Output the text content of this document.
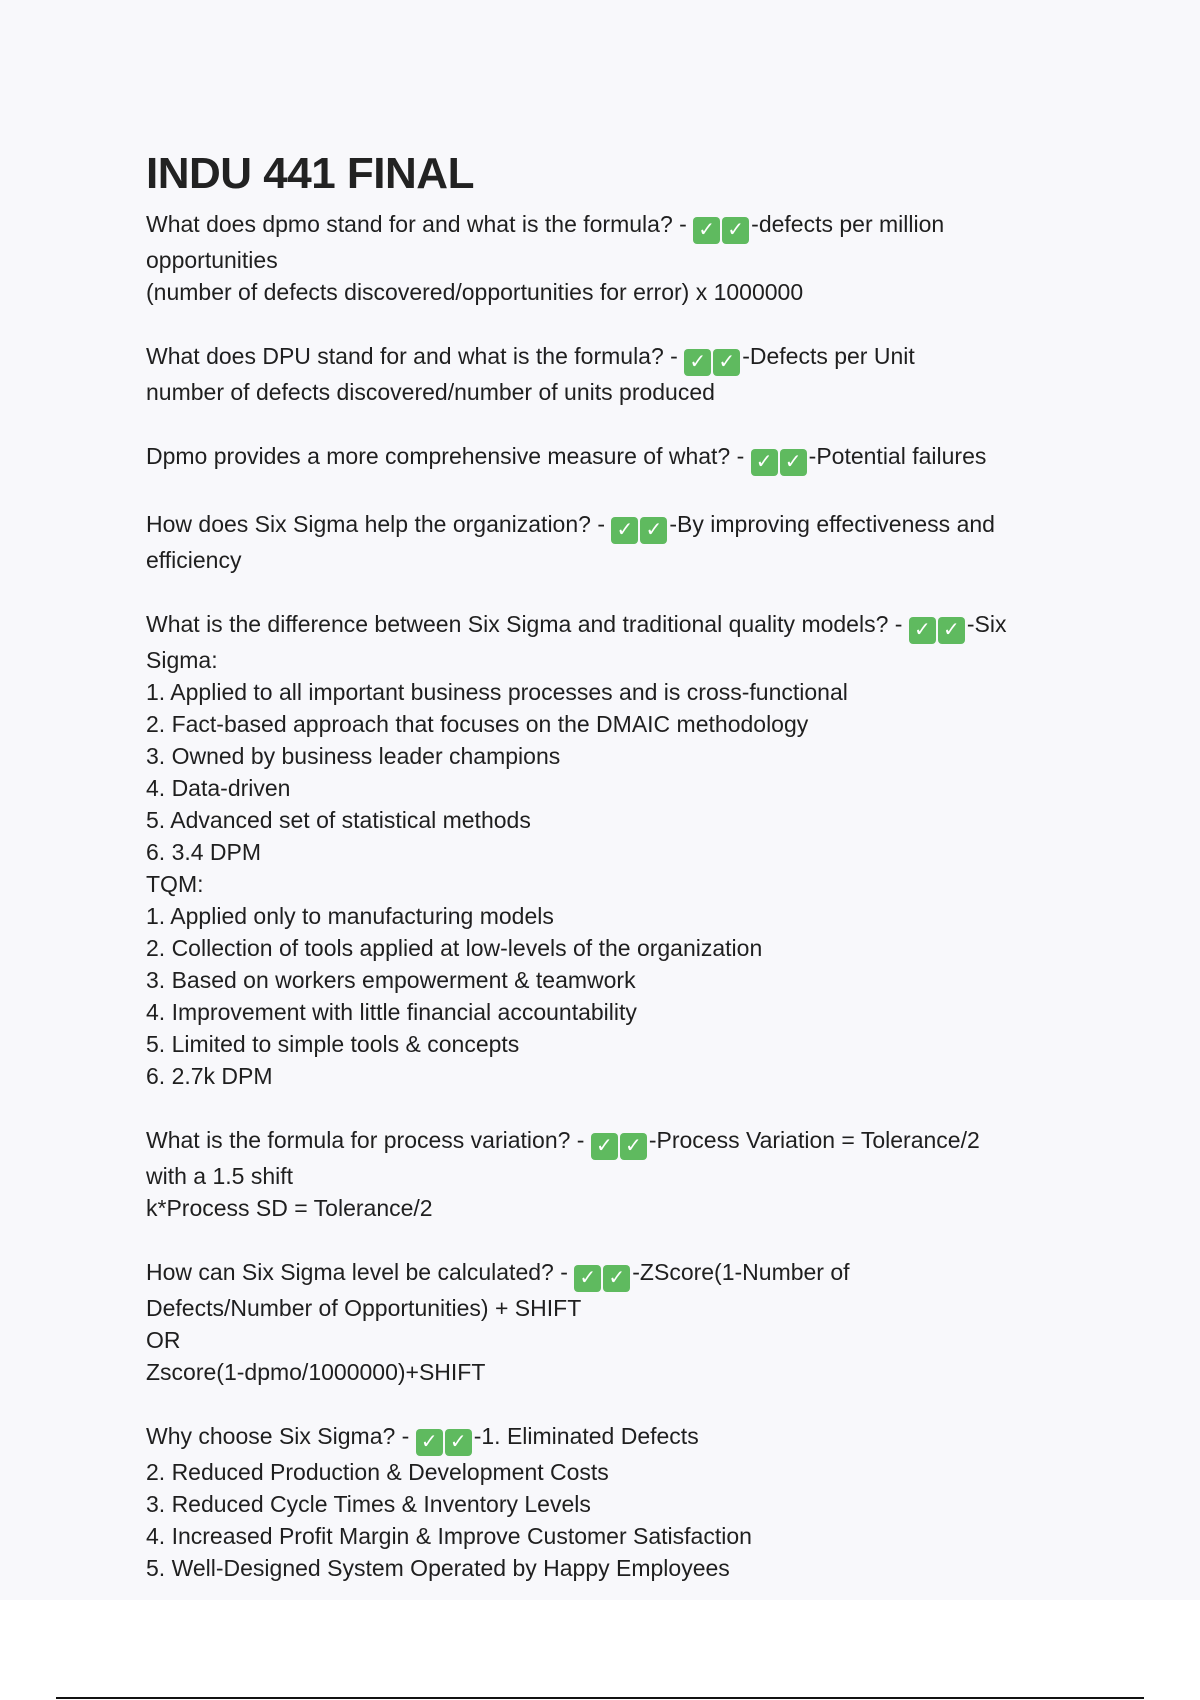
INDU 441 FINAL
What does dpmo stand for and what is the formula? - ✓ ✓ -defects per million
opportunities
(number of defects discovered/opportunities for error) x 1000000
What does DPU stand for and what is the formula? - ✓ ✓ -Defects per Unit
number of defects discovered/number of units produced
Dpmo provides a more comprehensive measure of what? - ✓ ✓ -Potential failures
How does Six Sigma help the organization? - ✓ ✓ -By improving effectiveness and
efficiency
What is the difference between Six Sigma and traditional quality models? - ✓ ✓ -Six
Sigma:
1. Applied to all important business processes and is cross-functional
2. Fact-based approach that focuses on the DMAIC methodology
3. Owned by business leader champions
4. Data-driven
5. Advanced set of statistical methods
6. 3.4 DPM
TQM:
1. Applied only to manufacturing models
2. Collection of tools applied at low-levels of the organization
3. Based on workers empowerment & teamwork
4. Improvement with little financial accountability
5. Limited to simple tools & concepts
6. 2.7k DPM
What is the formula for process variation? - ✓ ✓ -Process Variation = Tolerance/2
with a 1.5 shift
k*Process SD = Tolerance/2
How can Six Sigma level be calculated? - ✓ ✓ -ZScore(1-Number of
Defects/Number of Opportunities) + SHIFT
OR
Zscore(1-dpmo/1000000)+SHIFT
Why choose Six Sigma? - ✓ ✓ -1. Eliminated Defects
2. Reduced Production & Development Costs
3. Reduced Cycle Times & Inventory Levels
4. Increased Profit Margin & Improve Customer Satisfaction
5. Well-Designed System Operated by Happy Employees
